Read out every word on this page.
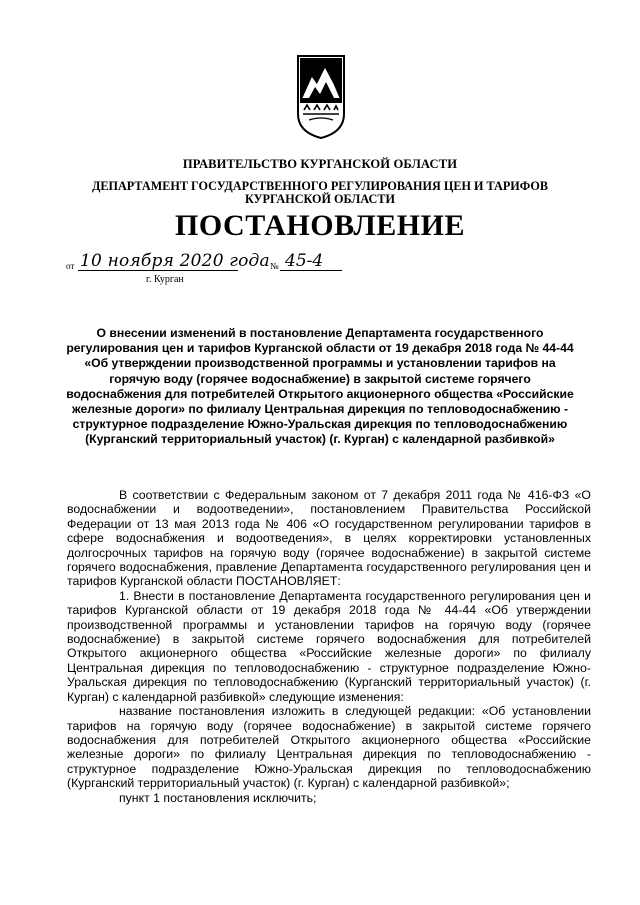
ПРАВИТЕЛЬСТВО КУРГАНСКОЙ ОБЛАСТИ
ДЕПАРТАМЕНТ ГОСУДАРСТВЕННОГО РЕГУЛИРОВАНИЯ ЦЕН И ТАРИФОВ КУРГАНСКОЙ ОБЛАСТИ
ПОСТАНОВЛЕНИЕ
от 10 ноября 2020 года № 45-4
г. Курган
О внесении изменений в постановление Департамента государственного регулирования цен и тарифов Курганской области от 19 декабря 2018 года № 44-44 «Об утверждении производственной программы и установлении тарифов на горячую воду (горячее водоснабжение) в закрытой системе горячего водоснабжения для потребителей Открытого акционерного общества «Российские железные дороги» по филиалу Центральная дирекция по тепловодоснабжению - структурное подразделение Южно-Уральская дирекция по тепловодоснабжению (Курганский территориальный участок) (г. Курган) с календарной разбивкой»

В соответствии с Федеральным законом от 7 декабря 2011 года № 416-ФЗ «О водоснабжении и водоотведении», постановлением Правительства Российской Федерации от 13 мая 2013 года № 406 «О государственном регулировании тарифов в сфере водоснабжения и водоотведения», в целях корректировки установленных долгосрочных тарифов на горячую воду (горячее водоснабжение) в закрытой системе горячего водоснабжения, правление Департамента государственного регулирования цен и тарифов Курганской области ПОСТАНОВЛЯЕТ:

1. Внести в постановление Департамента государственного регулирования цен и тарифов Курганской области от 19 декабря 2018 года № 44-44 «Об утверждении производственной программы и установлении тарифов на горячую воду (горячее водоснабжение) в закрытой системе горячего водоснабжения для потребителей Открытого акционерного общества «Российские железные дороги» по филиалу Центральная дирекция по тепловодоснабжению - структурное подразделение Южно-Уральская дирекция по тепловодоснабжению (Курганский территориальный участок) (г. Курган) с календарной разбивкой» следующие изменения:

название постановления изложить в следующей редакции: «Об установлении тарифов на горячую воду (горячее водоснабжение) в закрытой системе горячего водоснабжения для потребителей Открытого акционерного общества «Российские железные дороги» по филиалу Центральная дирекция по тепловодоснабжению - структурное подразделение Южно-Уральская дирекция по тепловодоснабжению (Курганский территориальный участок) (г. Курган) с календарной разбивкой»;

пункт 1 постановления исключить;
